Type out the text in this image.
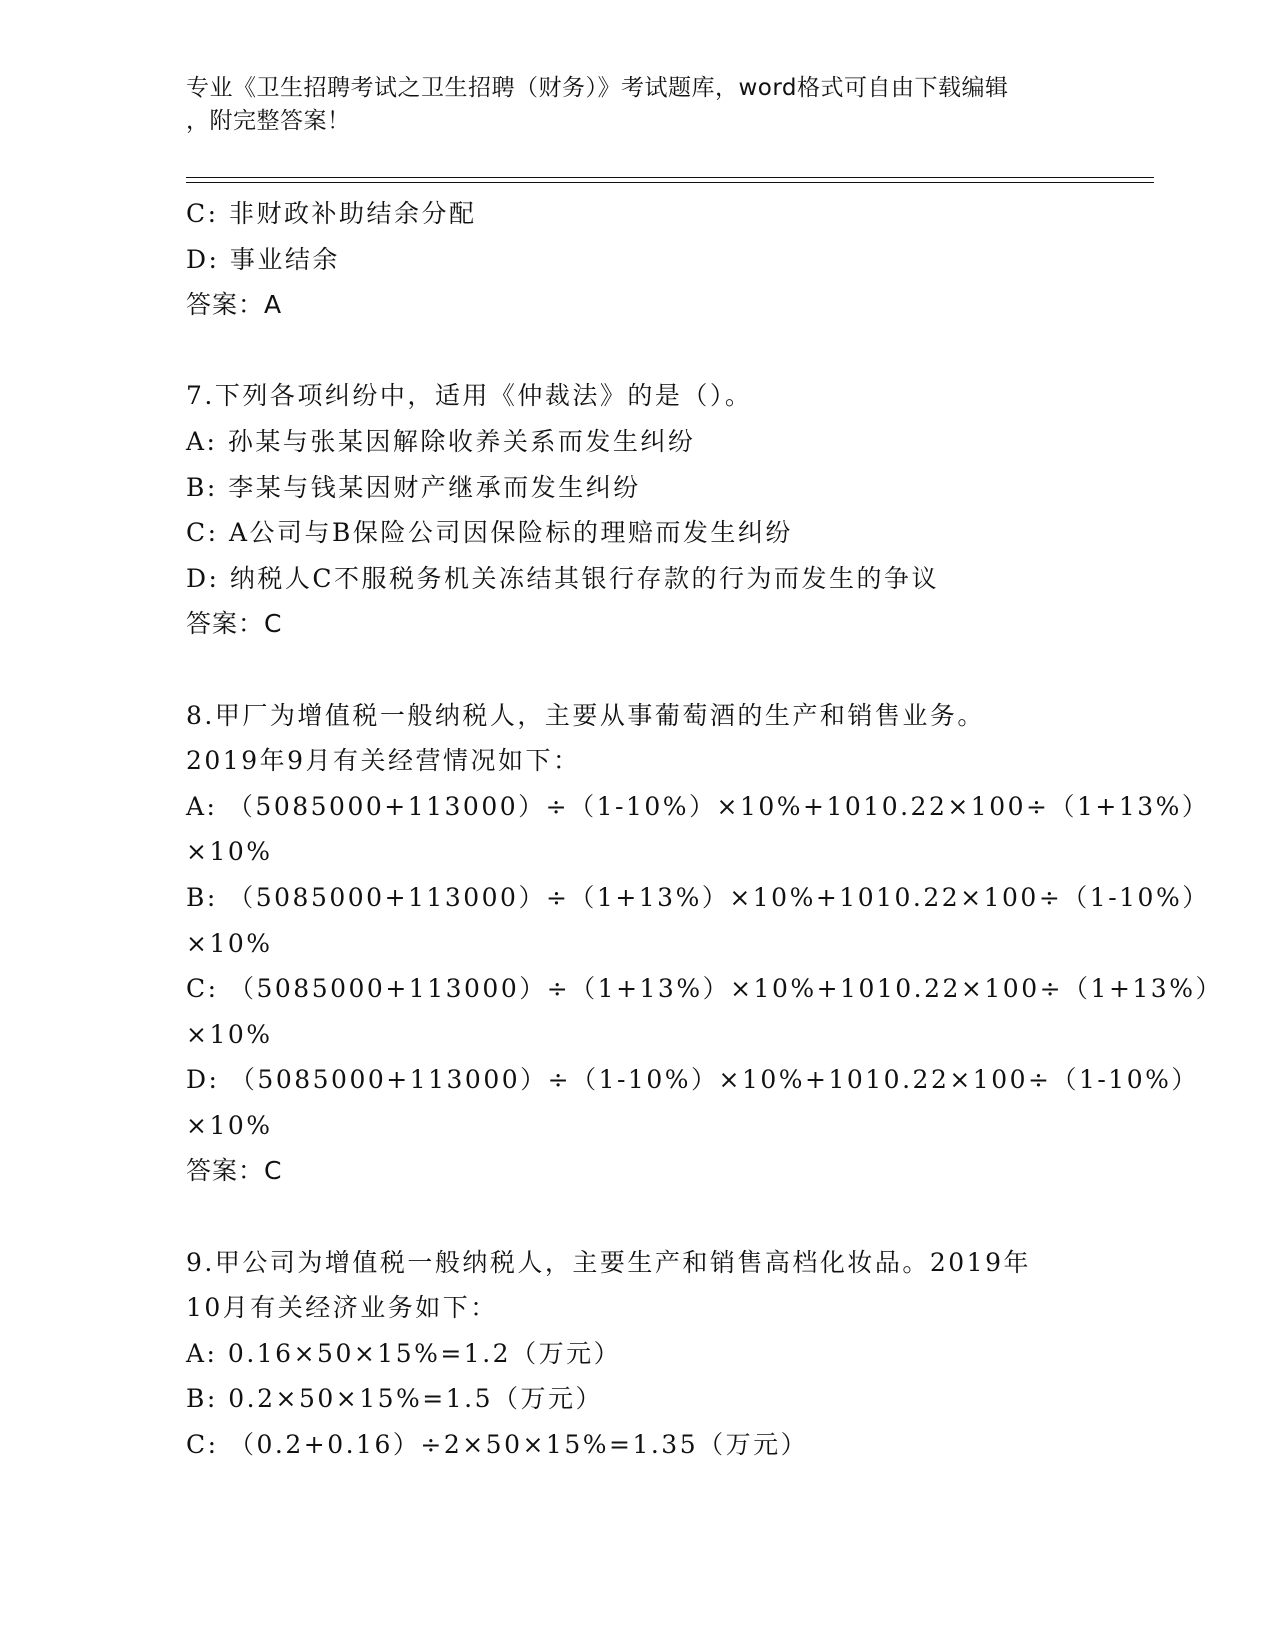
专业《卫生招聘考试之卫生招聘（财务）》考试题库，word格式可自由下载编辑
，附完整答案！
C: 非财政补助结余分配
D: 事业结余
答案：A
7.下列各项纠纷中，适用《仲裁法》的是（）。
A: 孙某与张某因解除收养关系而发生纠纷
B: 李某与钱某因财产继承而发生纠纷
C: A公司与B保险公司因保险标的理赔而发生纠纷
D: 纳税人C不服税务机关冻结其银行存款的行为而发生的争议
答案：C
8.甲厂为增值税一般纳税人，主要从事葡萄酒的生产和销售业务。
2019年9月有关经营情况如下：
A: （5085000+113000）÷（1-10%）×10%+1010.22×100÷（1+13%）
×10%
B: （5085000+113000）÷（1+13%）×10%+1010.22×100÷（1-10%）
×10%
C: （5085000+113000）÷（1+13%）×10%+1010.22×100÷（1+13%）
×10%
D: （5085000+113000）÷（1-10%）×10%+1010.22×100÷（1-10%）
×10%
答案：C
9.甲公司为增值税一般纳税人，主要生产和销售高档化妆品。2019年
10月有关经济业务如下：
A: 0.16×50×15%=1.2（万元）
B: 0.2×50×15%=1.5（万元）
C: （0.2+0.16）÷2×50×15%=1.35（万元）
